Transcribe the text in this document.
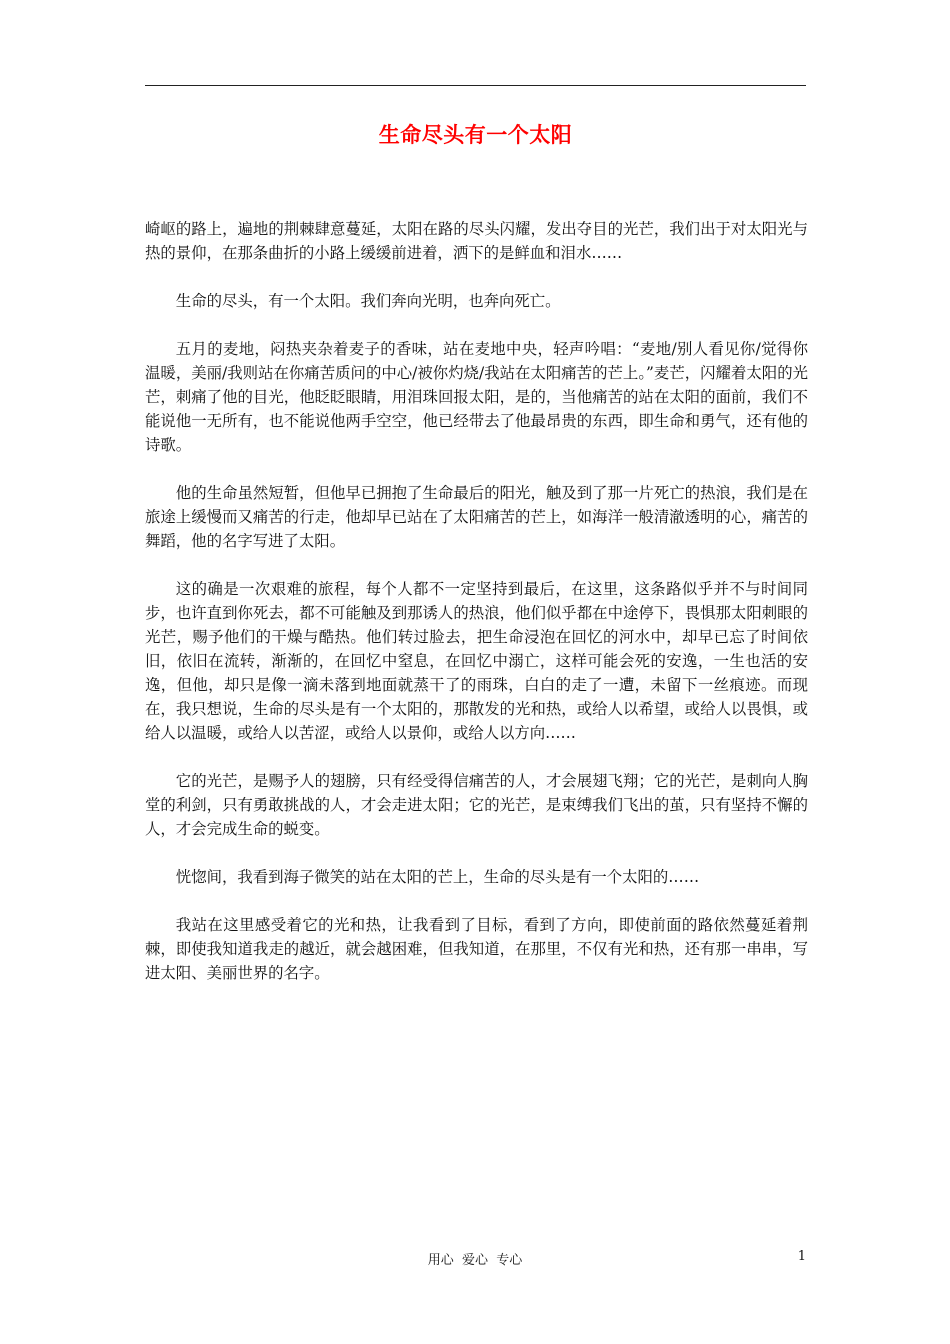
生命尽头有一个太阳

崎岖的路上，遍地的荆棘肆意蔓延，太阳在路的尽头闪耀，发出夺目的光芒，我们出于对太阳光与热的景仰，在那条曲折的小路上缓缓前进着，洒下的是鲜血和泪水……

生命的尽头，有一个太阳。我们奔向光明，也奔向死亡。

五月的麦地，闷热夹杂着麦子的香味，站在麦地中央，轻声吟唱：“麦地/别人看见你/觉得你温暖，美丽/我则站在你痛苦质问的中心/被你灼烧/我站在太阳痛苦的芒上。”麦芒，闪耀着太阳的光芒，刺痛了他的目光，他眨眨眼睛，用泪珠回报太阳，是的，当他痛苦的站在太阳的面前，我们不能说他一无所有，也不能说他两手空空，他已经带去了他最昂贵的东西，即生命和勇气，还有他的诗歌。

他的生命虽然短暂，但他早已拥抱了生命最后的阳光，触及到了那一片死亡的热浪，我们是在旅途上缓慢而又痛苦的行走，他却早已站在了太阳痛苦的芒上，如海洋一般清澈透明的心，痛苦的舞蹈，他的名字写进了太阳。

这的确是一次艰难的旅程，每个人都不一定坚持到最后，在这里，这条路似乎并不与时间同步，也许直到你死去，都不可能触及到那诱人的热浪，他们似乎都在中途停下，畏惧那太阳刺眼的光芒，赐予他们的干燥与酷热。他们转过脸去，把生命浸泡在回忆的河水中，却早已忘了时间依旧，依旧在流转，渐渐的，在回忆中窒息，在回忆中溺亡，这样可能会死的安逸，一生也活的安逸，但他，却只是像一滴未落到地面就蒸干了的雨珠，白白的走了一遭，未留下一丝痕迹。而现在，我只想说，生命的尽头是有一个太阳的，那散发的光和热，或给人以希望，或给人以畏惧，或给人以温暖，或给人以苦涩，或给人以景仰，或给人以方向……

它的光芒，是赐予人的翅膀，只有经受得信痛苦的人，才会展翅飞翔；它的光芒，是刺向人胸堂的利剑，只有勇敢挑战的人，才会走进太阳；它的光芒，是束缚我们飞出的茧，只有坚持不懈的人，才会完成生命的蜕变。

恍惚间，我看到海子微笑的站在太阳的芒上，生命的尽头是有一个太阳的……

我站在这里感受着它的光和热，让我看到了目标，看到了方向，即使前面的路依然蔓延着荆棘，即使我知道我走的越近，就会越困难，但我知道，在那里，不仅有光和热，还有那一串串，写进太阳、美丽世界的名字。

用心  爱心  专心	1
